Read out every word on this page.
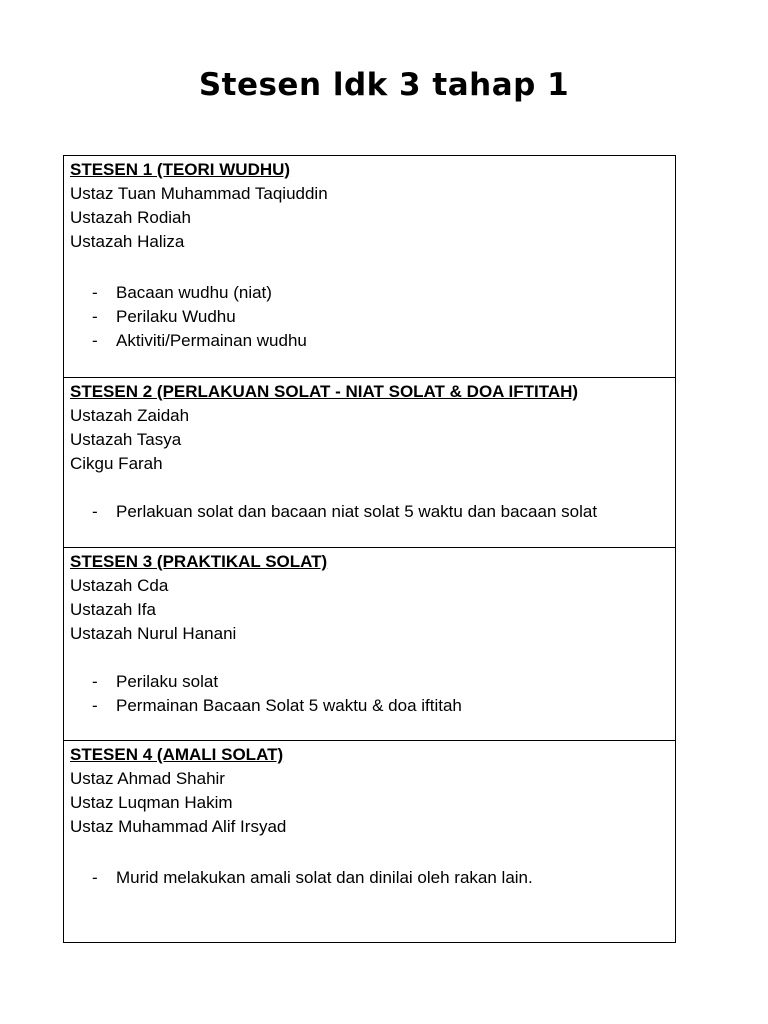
Stesen ldk 3 tahap 1
STESEN 1 (TEORI WUDHU)
Ustaz Tuan Muhammad Taqiuddin
Ustazah Rodiah
Ustazah Haliza
- Bacaan wudhu (niat)
- Perilaku Wudhu
- Aktiviti/Permainan wudhu
STESEN 2 (PERLAKUAN SOLAT - NIAT SOLAT & DOA IFTITAH)
Ustazah Zaidah
Ustazah Tasya
Cikgu Farah
- Perlakuan solat dan bacaan niat solat 5 waktu dan bacaan solat
STESEN 3 (PRAKTIKAL SOLAT)
Ustazah Cda
Ustazah Ifa
Ustazah Nurul Hanani
- Perilaku solat
- Permainan Bacaan Solat 5 waktu & doa iftitah
STESEN 4 (AMALI SOLAT)
Ustaz Ahmad Shahir
Ustaz Luqman Hakim
Ustaz Muhammad Alif Irsyad
- Murid melakukan amali solat dan dinilai oleh rakan lain.
